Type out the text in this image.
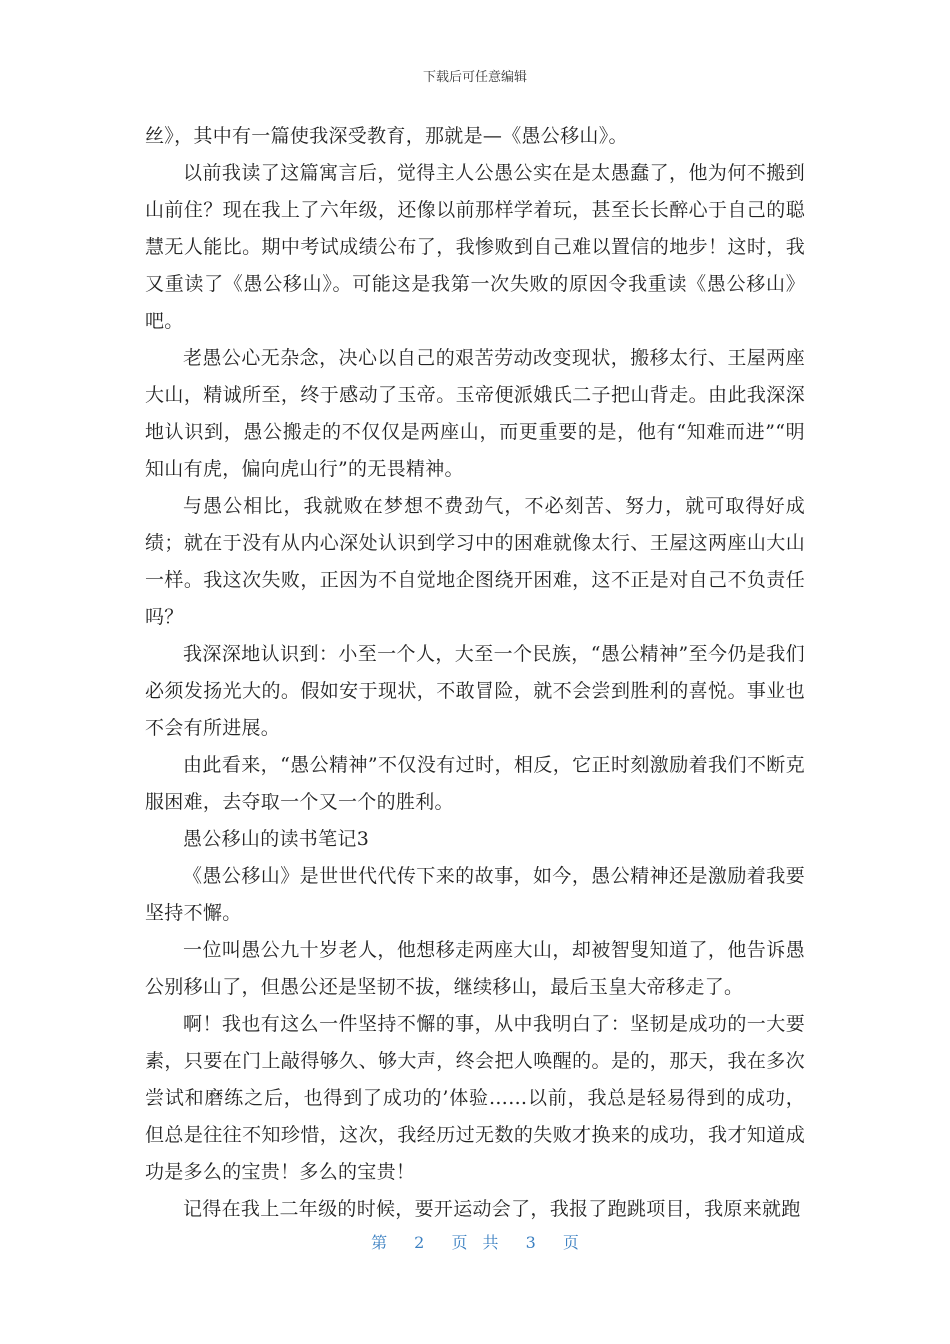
下载后可任意编辑

丝》，其中有一篇使我深受教育，那就是—《愚公移山》。

以前我读了这篇寓言后，觉得主人公愚公实在是太愚蠢了，他为何不搬到山前住？现在我上了六年级，还像以前那样学着玩，甚至长长醉心于自己的聪慧无人能比。期中考试成绩公布了，我惨败到自己难以置信的地步！这时，我又重读了《愚公移山》。可能这是我第一次失败的原因令我重读《愚公移山》吧。

老愚公心无杂念，决心以自己的艰苦劳动改变现状，搬移太行、王屋两座大山，精诚所至，终于感动了玉帝。玉帝便派娥氏二子把山背走。由此我深深地认识到，愚公搬走的不仅仅是两座山，而更重要的是，他有“知难而进”“明知山有虎，偏向虎山行”的无畏精神。

与愚公相比，我就败在梦想不费劲气，不必刻苦、努力，就可取得好成绩；就在于没有从内心深处认识到学习中的困难就像太行、王屋这两座山大山一样。我这次失败，正因为不自觉地企图绕开困难，这不正是对自己不负责任吗？

我深深地认识到：小至一个人，大至一个民族，“愚公精神”至今仍是我们必须发扬光大的。假如安于现状，不敢冒险，就不会尝到胜利的喜悦。事业也不会有所进展。

由此看来，“愚公精神”不仅没有过时，相反，它正时刻激励着我们不断克服困难，去夺取一个又一个的胜利。

愚公移山的读书笔记3

《愚公移山》是世世代代传下来的故事，如今，愚公精神还是激励着我要坚持不懈。

一位叫愚公九十岁老人，他想移走两座大山，却被智叟知道了，他告诉愚公别移山了，但愚公还是坚韧不拔，继续移山，最后玉皇大帝移走了。

啊！我也有这么一件坚持不懈的事，从中我明白了：坚韧是成功的一大要素，只要在门上敲得够久、够大声，终会把人唤醒的。是的，那天，我在多次尝试和磨练之后，也得到了成功的’体验……以前，我总是轻易得到的成功，但总是往往不知珍惜，这次，我经历过无数的失败才换来的成功，我才知道成功是多么的宝贵！多么的宝贵！

记得在我上二年级的时候，要开运动会了，我报了跑跳项目，我原来就跑

第 2 页 共 3 页
